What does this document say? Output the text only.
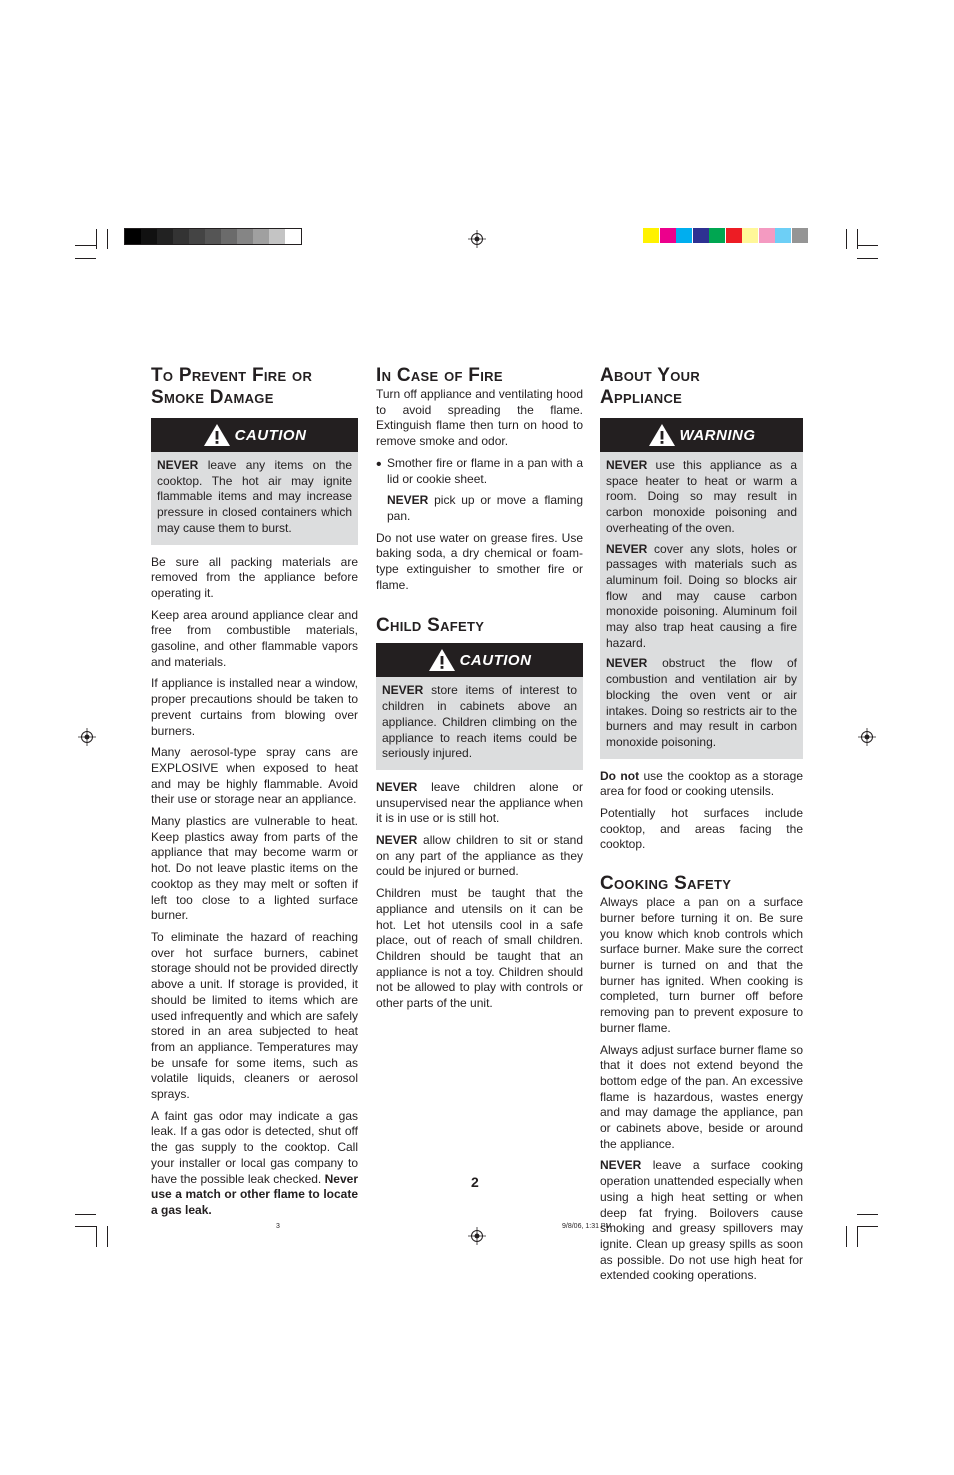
To Prevent Fire or
Smoke Damage
CAUTION

NEVER leave any items on the cooktop. The hot air may ignite flammable items and may increase pressure in closed containers which may cause them to burst.

Be sure all packing materials are removed from the appliance before operating it.

Keep area around appliance clear and free from combustible materials, gasoline, and other flammable vapors and materials.

If appliance is installed near a window, proper precautions should be taken to prevent curtains from blowing over burners.

Many aerosol-type spray cans are EXPLOSIVE when exposed to heat and may be highly flammable. Avoid their use or storage near an appliance.

Many plastics are vulnerable to heat. Keep plastics away from parts of the appliance that may become warm or hot. Do not leave plastic items on the cooktop as they may melt or soften if left too close to a lighted surface burner.

To eliminate the hazard of reaching over hot surface burners, cabinet storage should not be provided directly above a unit. If storage is provided, it should be limited to items which are used infrequently and which are safely stored in an area subjected to heat from an appliance. Temperatures may be unsafe for some items, such as volatile liquids, cleaners or aerosol sprays.

A faint gas odor may indicate a gas leak. If a gas odor is detected, shut off the gas supply to the cooktop. Call your installer or local gas company to have the possible leak checked. Never use a match or other flame to locate a gas leak.

In Case of Fire

Turn off appliance and ventilating hood to avoid spreading the flame. Extinguish flame then turn on hood to remove smoke and odor.

• Smother fire or flame in a pan with a lid or cookie sheet.

NEVER pick up or move a flaming pan.

Do not use water on grease fires. Use baking soda, a dry chemical or foam-type extinguisher to smother fire or flame.

Child Safety
CAUTION

NEVER store items of interest to children in cabinets above an appliance. Children climbing on the appliance to reach items could be seriously injured.

NEVER leave children alone or unsupervised near the appliance when it is in use or is still hot.

NEVER allow children to sit or stand on any part of the appliance as they could be injured or burned.

Children must be taught that the appliance and utensils on it can be hot. Let hot utensils cool in a safe place, out of reach of small children. Children should be taught that an appliance is not a toy. Children should not be allowed to play with controls or other parts of the unit.

About Your
Appliance
WARNING

NEVER use this appliance as a space heater to heat or warm a room. Doing so may result in carbon monoxide poisoning and overheating of the oven.

NEVER cover any slots, holes or passages with materials such as aluminum foil. Doing so blocks air flow and may cause carbon monoxide poisoning. Aluminum foil may also trap heat causing a fire hazard.

NEVER obstruct the flow of combustion and ventilation air by blocking the oven vent or air intakes. Doing so restricts air to the burners and may result in carbon monoxide poisoning.

Do not use the cooktop as a storage area for food or cooking utensils.

Potentially hot surfaces include cooktop, and areas facing the cooktop.

Cooking Safety

Always place a pan on a surface burner before turning it on. Be sure you know which knob controls which surface burner. Make sure the correct burner is turned on and that the burner has ignited. When cooking is completed, turn burner off before removing pan to prevent exposure to burner flame.

Always adjust surface burner flame so that it does not extend beyond the bottom edge of the pan. An excessive flame is hazardous, wastes energy and may damage the appliance, pan or cabinets above, beside or around the appliance.

NEVER leave a surface cooking operation unattended especially when using a high heat setting or when deep fat frying. Boilovers cause smoking and greasy spillovers may ignite. Clean up greasy spills as soon as possible. Do not use high heat for extended cooking operations.

2
3	9/8/06, 1:31 PM
